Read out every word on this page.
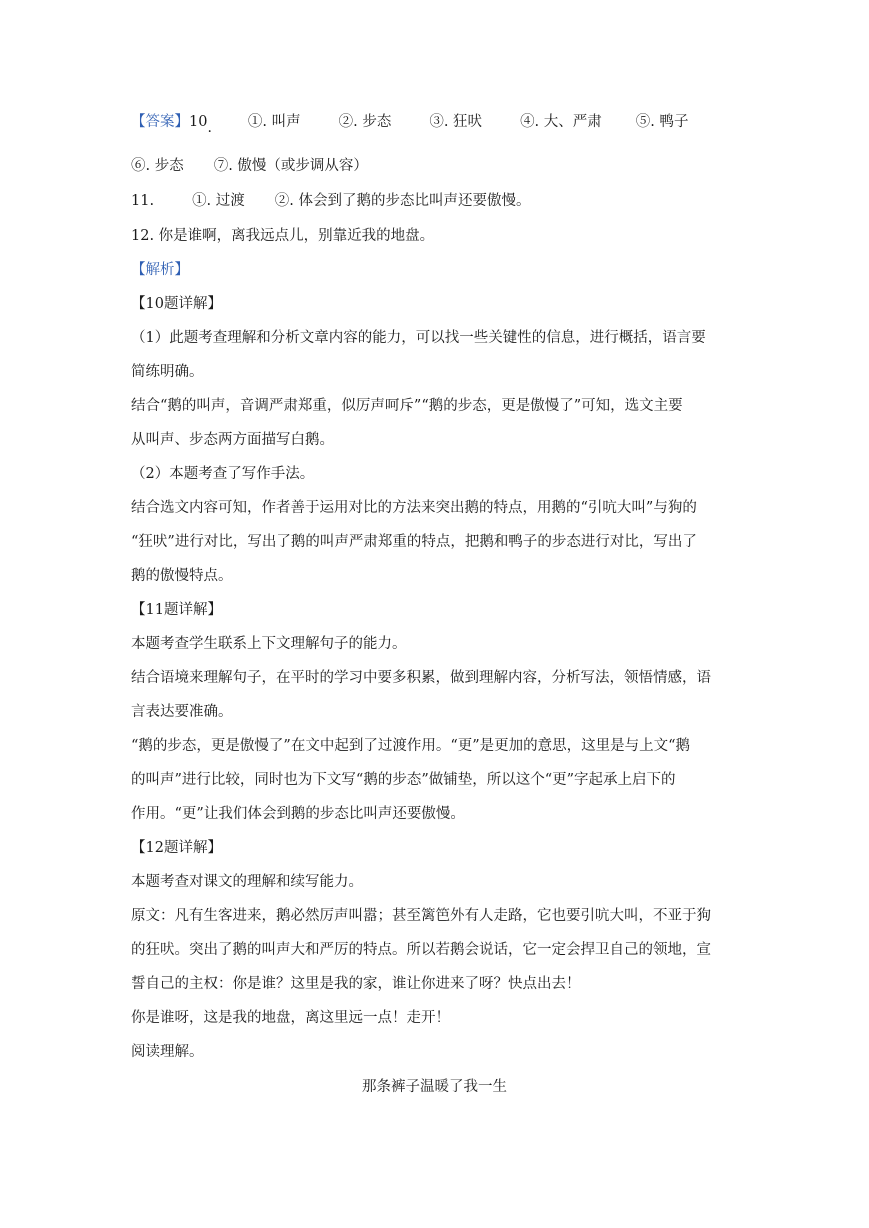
【答案】10·①. 叫声	②. 步态	③. 狂吠	④. 大、严肃 ⑤. 鸭子
⑥. 步态 ⑦. 傲慢（或步调从容）
11.	①. 过渡 ②. 体会到了鹅的步态比叫声还要傲慢。
12. 你是谁啊，离我远点儿，别靠近我的地盘。
【解析】
【10题详解】
（1）此题考查理解和分析文章内容的能力，可以找一些关键性的信息，进行概括，语言要
简练明确。
结合“鹅的叫声，音调严肃郑重，似厉声呵斥”“鹅的步态，更是傲慢了”可知，选文主要
从叫声、步态两方面描写白鹅。
（2）本题考查了写作手法。
结合选文内容可知，作者善于运用对比的方法来突出鹅的特点，用鹅的“引吭大叫”与狗的
“狂吠”进行对比，写出了鹅的叫声严肃郑重的特点，把鹅和鸭子的步态进行对比，写出了
鹅的傲慢特点。
【11题详解】
本题考查学生联系上下文理解句子的能力。
结合语境来理解句子，在平时的学习中要多积累，做到理解内容，分析写法，领悟情感，语
言表达要准确。
“鹅的步态，更是傲慢了”在文中起到了过渡作用。“更”是更加的意思，这里是与上文“鹅
的叫声”进行比较，同时也为下文写“鹅的步态”做铺垫，所以这个“更”字起承上启下的
作用。“更”让我们体会到鹅的步态比叫声还要傲慢。
【12题详解】
本题考查对课文的理解和续写能力。
原文：凡有生客进来，鹅必然厉声叫嚣；甚至篱笆外有人走路，它也要引吭大叫，不亚于狗
的狂吠。突出了鹅的叫声大和严厉的特点。所以若鹅会说话，它一定会捍卫自己的领地，宣
誓自己的主权：你是谁？这里是我的家，谁让你进来了呀？快点出去！
你是谁呀，这是我的地盘，离这里远一点！走开！
阅读理解。
那条裤子温暖了我一生
